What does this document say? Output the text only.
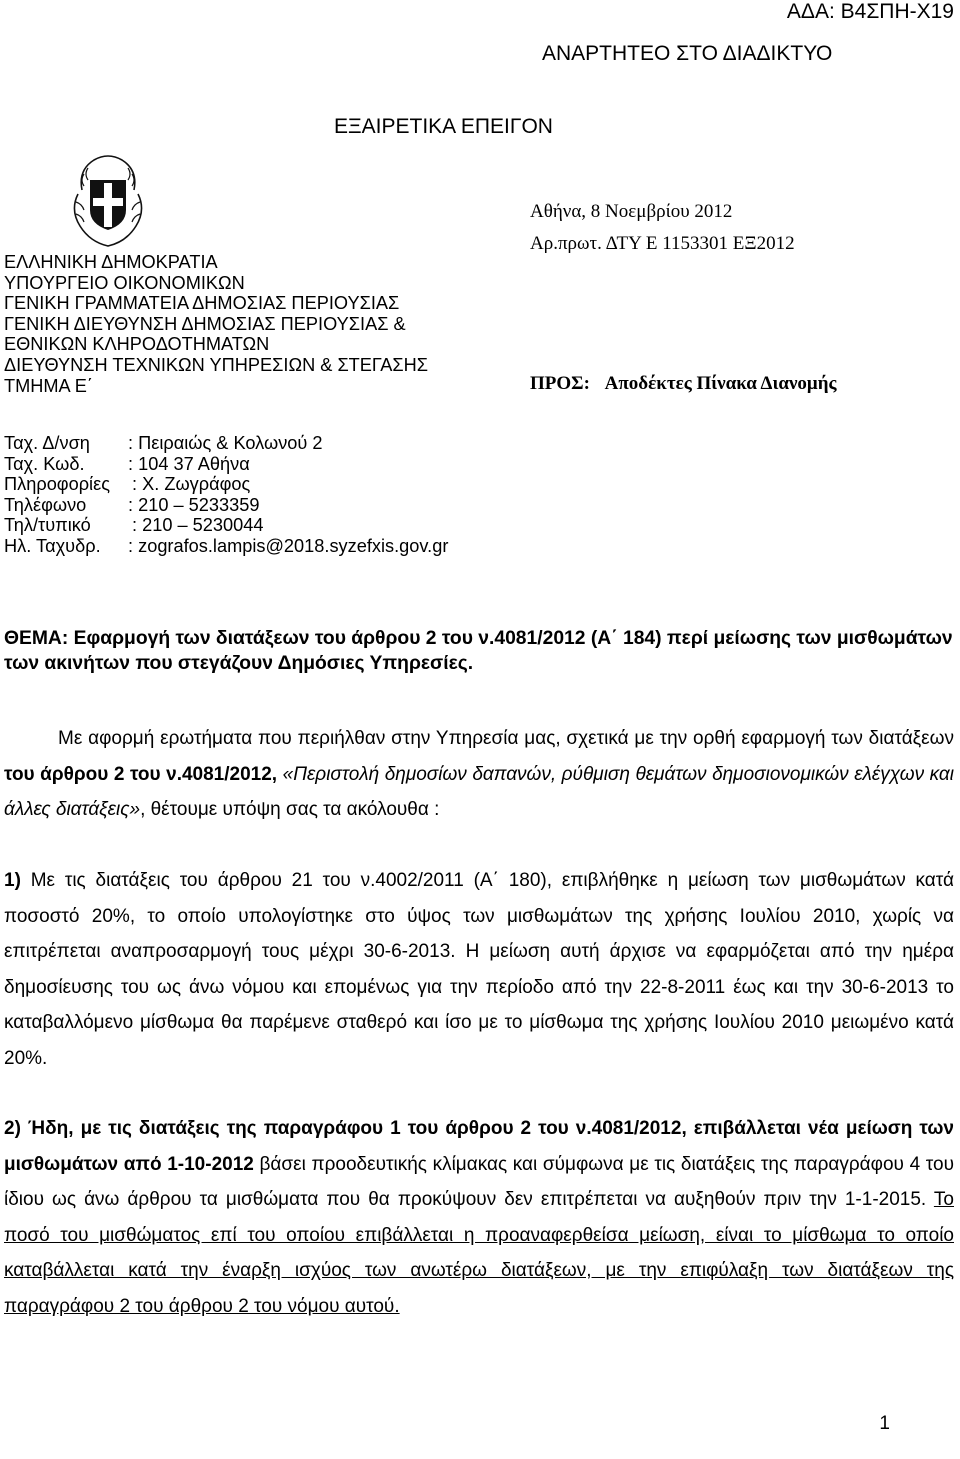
ΑΔΑ: Β4ΣΠΗ-Χ19
ΑΝΑΡΤΗΤΕΟ ΣΤΟ ΔΙΑΔΙΚΤΥΟ
ΕΞΑΙΡΕΤΙΚΑ ΕΠΕΙΓΟΝ
ΕΛΛΗΝΙΚΗ ΔΗΜΟΚΡΑΤΙΑ
ΥΠΟΥΡΓΕΙΟ ΟΙΚΟΝΟΜΙΚΩΝ
ΓΕΝΙΚΗ ΓΡΑΜΜΑΤΕΙΑ ΔΗΜΟΣΙΑΣ ΠΕΡΙΟΥΣΙΑΣ
ΓΕΝΙΚΗ ΔΙΕΥΘΥΝΣΗ ΔΗΜΟΣΙΑΣ ΠΕΡΙΟΥΣΙΑΣ &
ΕΘΝΙΚΩΝ ΚΛΗΡΟΔΟΤΗΜΑΤΩΝ
ΔΙΕΥΘΥΝΣΗ ΤΕΧΝΙΚΩΝ ΥΠΗΡΕΣΙΩΝ & ΣΤΕΓΑΣΗΣ
ΤΜΗΜΑ Ε΄
Αθήνα, 8 Νοεμβρίου 2012
Αρ.πρωτ. ΔΤΥ Ε 1153301 ΕΞ2012
ΠΡΟΣ: Αποδέκτες Πίνακα Διανομής
Ταχ. Δ/νση : Πειραιώς & Κολωνού 2
Ταχ. Κωδ. : 104 37 Αθήνα
Πληροφορίες : Χ. Ζωγράφος
Τηλέφωνο : 210 – 5233359
Τηλ/τυπικό : 210 – 5230044
Ηλ. Ταχυδρ. : zografos.lampis@2018.syzefxis.gov.gr
ΘΕΜΑ: Εφαρμογή των διατάξεων του άρθρου 2 του ν.4081/2012 (Α΄ 184) περί μείωσης των μισθωμάτων των ακινήτων που στεγάζουν Δημόσιες Υπηρεσίες.
Με αφορμή ερωτήματα που περιήλθαν στην Υπηρεσία μας, σχετικά με την ορθή εφαρμογή των διατάξεων του άρθρου 2 του ν.4081/2012, «Περιστολή δημοσίων δαπανών, ρύθμιση θεμάτων δημοσιονομικών ελέγχων και άλλες διατάξεις», θέτουμε υπόψη σας τα ακόλουθα :
1) Με τις διατάξεις του άρθρου 21 του ν.4002/2011 (Α΄ 180), επιβλήθηκε η μείωση των μισθωμάτων κατά ποσοστό 20%, το οποίο υπολογίστηκε στο ύψος των μισθωμάτων της χρήσης Ιουλίου 2010, χωρίς να επιτρέπεται αναπροσαρμογή τους μέχρι 30-6-2013. Η μείωση αυτή άρχισε να εφαρμόζεται από την ημέρα δημοσίευσης του ως άνω νόμου και επομένως για την περίοδο από την 22-8-2011 έως και την 30-6-2013 το καταβαλλόμενο μίσθωμα θα παρέμενε σταθερό και ίσο με το μίσθωμα της χρήσης Ιουλίου 2010 μειωμένο κατά 20%.
2) Ήδη, με τις διατάξεις της παραγράφου 1 του άρθρου 2 του ν.4081/2012, επιβάλλεται νέα μείωση των μισθωμάτων από 1-10-2012 βάσει προοδευτικής κλίμακας και σύμφωνα με τις διατάξεις της παραγράφου 4 του ίδιου ως άνω άρθρου τα μισθώματα που θα προκύψουν δεν επιτρέπεται να αυξηθούν πριν την 1-1-2015. Το ποσό του μισθώματος επί του οποίου επιβάλλεται η προαναφερθείσα μείωση, είναι το μίσθωμα το οποίο καταβάλλεται κατά την έναρξη ισχύος των ανωτέρω διατάξεων, με την επιφύλαξη των διατάξεων της παραγράφου 2 του άρθρου 2 του νόμου αυτού.
1
